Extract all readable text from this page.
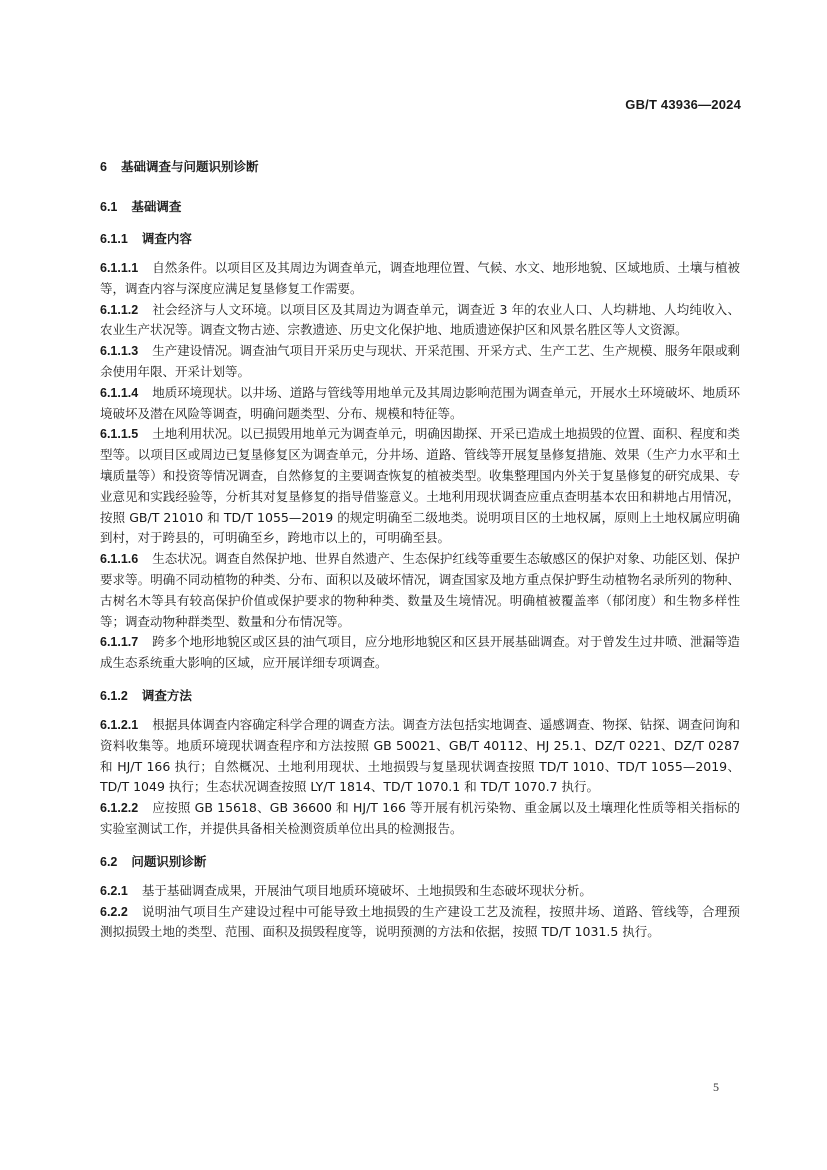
GB/T 43936—2024
6 基础调查与问题识别诊断
6.1 基础调查
6.1.1 调查内容
6.1.1.1 自然条件。以项目区及其周边为调查单元，调查地理位置、气候、水文、地形地貌、区域地质、土壤与植被等，调查内容与深度应满足复垦修复工作需要。
6.1.1.2 社会经济与人文环境。以项目区及其周边为调查单元，调查近 3 年的农业人口、人均耕地、人均纯收入、农业生产状况等。调查文物古迹、宗教遗迹、历史文化保护地、地质遗迹保护区和风景名胜区等人文资源。
6.1.1.3 生产建设情况。调查油气项目开采历史与现状、开采范围、开采方式、生产工艺、生产规模、服务年限或剩余使用年限、开采计划等。
6.1.1.4 地质环境现状。以井场、道路与管线等用地单元及其周边影响范围为调查单元，开展水土环境破坏、地质环境破坏及潜在风险等调查，明确问题类型、分布、规模和特征等。
6.1.1.5 土地利用状况。以已损毁用地单元为调查单元，明确因勘探、开采已造成土地损毁的位置、面积、程度和类型等。以项目区或周边已复垦修复区为调查单元，分井场、道路、管线等开展复垦修复措施、效果（生产力水平和土壤质量等）和投资等情况调查，自然修复的主要调查恢复的植被类型。收集整理国内外关于复垦修复的研究成果、专业意见和实践经验等，分析其对复垦修复的指导借鉴意义。土地利用现状调查应重点查明基本农田和耕地占用情况，按照 GB/T 21010 和 TD/T 1055—2019 的规定明确至二级地类。说明项目区的土地权属，原则上土地权属应明确到村，对于跨县的，可明确至乡，跨地市以上的，可明确至县。
6.1.1.6 生态状况。调查自然保护地、世界自然遗产、生态保护红线等重要生态敏感区的保护对象、功能区划、保护要求等。明确不同动植物的种类、分布、面积以及破坏情况，调查国家及地方重点保护野生动植物名录所列的物种、古树名木等具有较高保护价值或保护要求的物种种类、数量及生境情况。明确植被覆盖率（郁闭度）和生物多样性等；调查动物种群类型、数量和分布情况等。
6.1.1.7 跨多个地形地貌区或区县的油气项目，应分地形地貌区和区县开展基础调查。对于曾发生过井喷、泄漏等造成生态系统重大影响的区域，应开展详细专项调查。
6.1.2 调查方法
6.1.2.1 根据具体调查内容确定科学合理的调查方法。调查方法包括实地调查、遥感调查、物探、钻探、调查问询和资料收集等。地质环境现状调查程序和方法按照 GB 50021、GB/T 40112、HJ 25.1、DZ/T 0221、DZ/T 0287 和 HJ/T 166 执行；自然概况、土地利用现状、土地损毁与复垦现状调查按照 TD/T 1010、TD/T 1055—2019、TD/T 1049 执行；生态状况调查按照 LY/T 1814、TD/T 1070.1 和 TD/T 1070.7 执行。
6.1.2.2 应按照 GB 15618、GB 36600 和 HJ/T 166 等开展有机污染物、重金属以及土壤理化性质等相关指标的实验室测试工作，并提供具备相关检测资质单位出具的检测报告。
6.2 问题识别诊断
6.2.1 基于基础调查成果，开展油气项目地质环境破坏、土地损毁和生态破坏现状分析。
6.2.2 说明油气项目生产建设过程中可能导致土地损毁的生产建设工艺及流程，按照井场、道路、管线等，合理预测拟损毁土地的类型、范围、面积及损毁程度等，说明预测的方法和依据，按照 TD/T 1031.5 执行。
5
